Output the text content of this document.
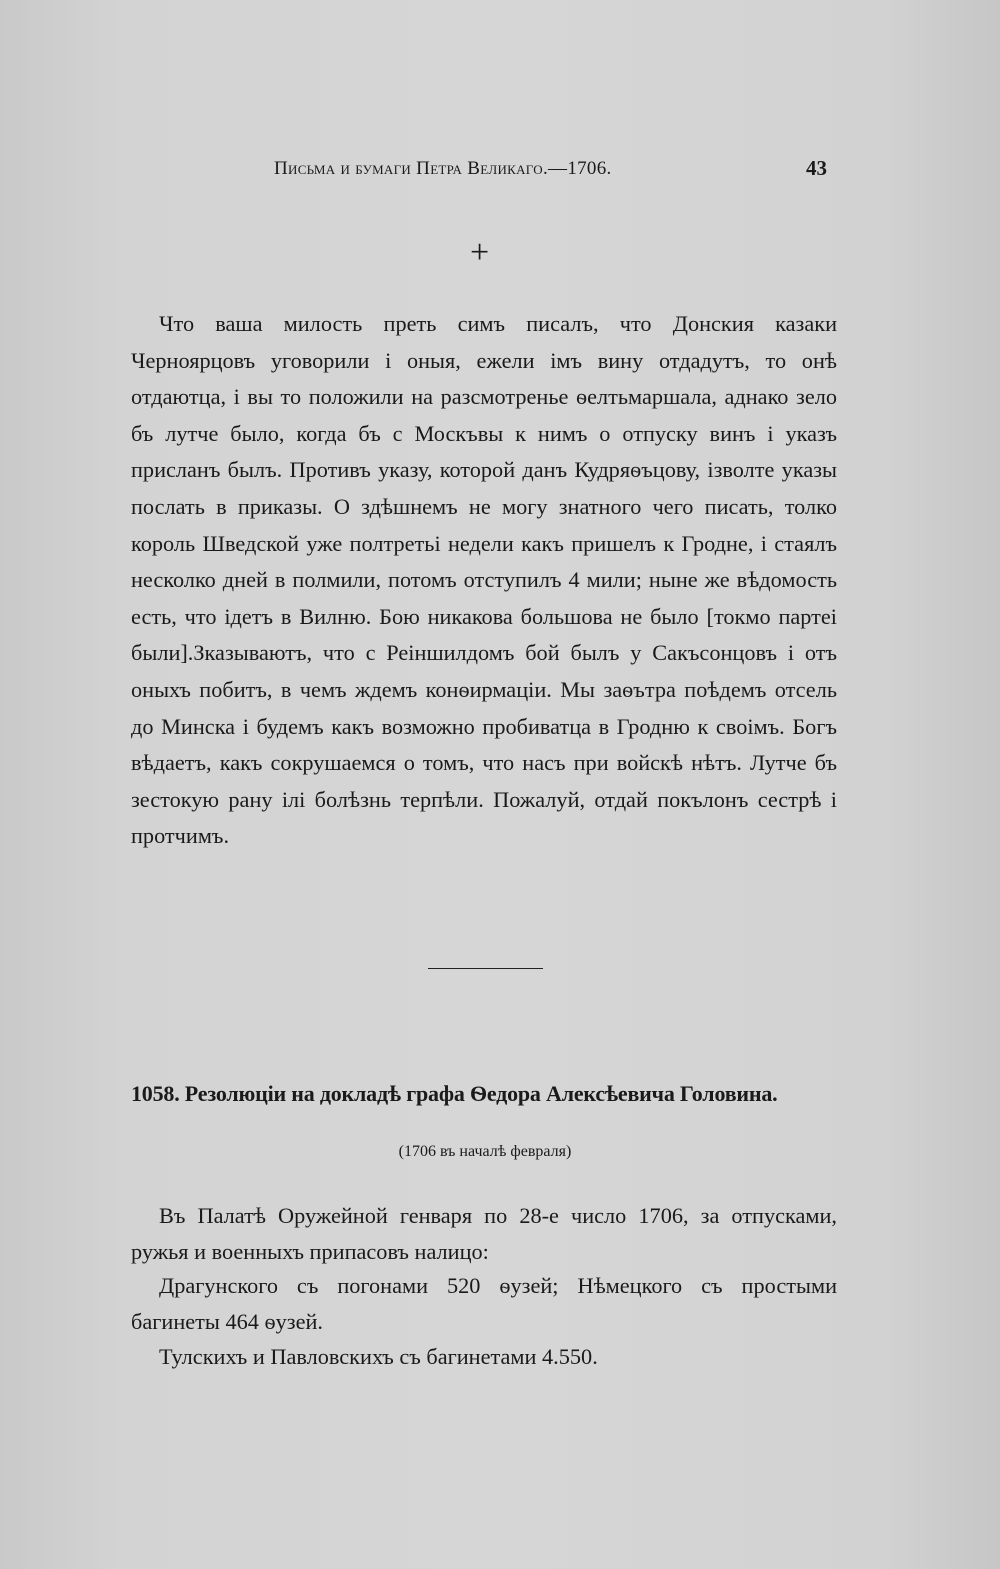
Письма и бумаги Петра Великаго.—1706.	43
+

Что ваша милость преть симъ писалъ, что Донския казаки Черноярцовъ уговорили і оныя, ежели імъ вину отдадутъ, то онѣ отдаютца, і вы то положили на разсмотренье ѳелтьмаршала, аднако зело бъ лутче было, когда бъ с Москъвы к нимъ о отпуску винъ і указъ присланъ былъ. Противъ указу, которой данъ Кудряѳъцову, ізволте указы послать в приказы. О здѣшнемъ не могу знатного чего писать, толко король Шведской уже полтретьі недели какъ пришелъ к Гродне, і стаялъ несколко дней в полмили, потомъ отступилъ 4 мили; ныне же вѣдомость есть, что ідетъ в Вилню. Бою никакова большова не было [токмо партеі были].Зказываютъ, что с Реіншилдомъ бой былъ у Сакъсонцовъ і отъ оныхъ побитъ, в чемъ ждемъ конѳирмаціи. Мы заѳътра поѣдемъ отсель до Минска і будемъ какъ возможно пробиватца в Гродню к своімъ. Богъ вѣдаетъ, какъ сокрушаемся о томъ, что насъ при войскѣ нѣтъ. Лутче бъ зестокую рану ілі болѣзнь терпѣли. Пожалуй, отдай покълонъ сестрѣ і протчимъ.

1058. Резолюціи на докладѣ графа Ѳедора Алексѣевича Головина.

(1706 въ началѣ февраля)

Въ Палатѣ Оружейной генваря по 28-е число 1706, за отпусками, ружья и военныхъ припасовъ налицо:

Драгунского съ погонами 520 ѳузей; Нѣмецкого съ простыми багинеты 464 ѳузей.

Тулскихъ и Павловскихъ съ багинетами 4.550.
